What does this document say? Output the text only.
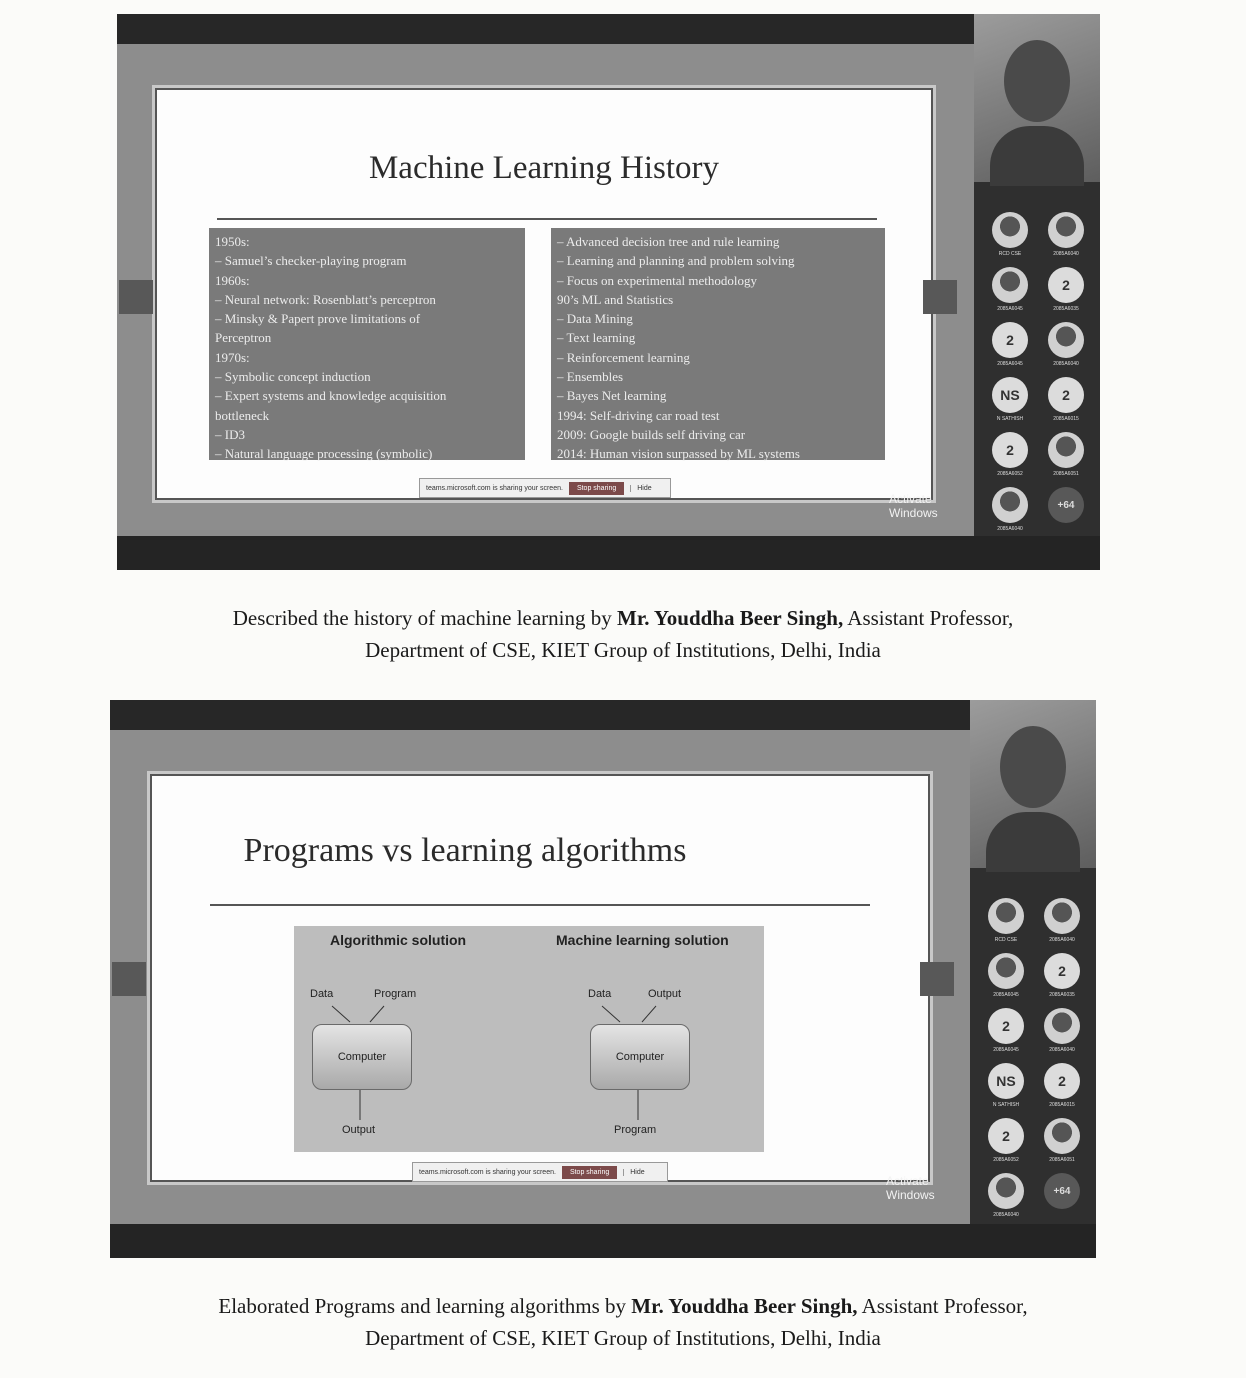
Machine Learning History
1950s:
– Samuel’s checker-playing program
1960s:
– Neural network: Rosenblatt’s perceptron
– Minsky & Papert prove limitations of
Perceptron
1970s:
– Symbolic concept induction
– Expert systems and knowledge acquisition
bottleneck
– ID3
– Natural language processing (symbolic)
– Advanced decision tree and rule learning
– Learning and planning and problem solving
– Focus on experimental methodology
90’s ML and Statistics
– Data Mining
– Text learning
– Reinforcement learning
– Ensembles
– Bayes Net learning
1994: Self-driving car road test
2009: Google builds self driving car
2014: Human vision surpassed by ML systems
teams.microsoft.com is sharing your screen.	Stop sharing	Hide
Activate Windows
RCD CSE	2085A6040
2085A6045
2
2085A6035
2
2085A6045	2085A6040
NS
N SATHISH
2
2085A6015
2
2085A6052	2085A6051
2085A6040
+64
Described the history of machine learning by Mr. Youddha Beer Singh, Assistant Professor,
Department of CSE, KIET Group of Institutions, Delhi, India
Programs vs learning algorithms
Algorithmic solution	Machine learning solution
Data	Program
Computer
Output
Data	Output
Computer
Program
teams.microsoft.com is sharing your screen.	Stop sharing	Hide
Activate Windows
RCD CSE	2085A6040
2085A6045
2
2085A6035
2
2085A6045	2085A6040
NS
N SATHISH
2
2085A6015
2
2085A6052	2085A6051
2085A6040
+64
Elaborated Programs and learning algorithms by Mr. Youddha Beer Singh, Assistant Professor,
Department of CSE, KIET Group of Institutions, Delhi, India
